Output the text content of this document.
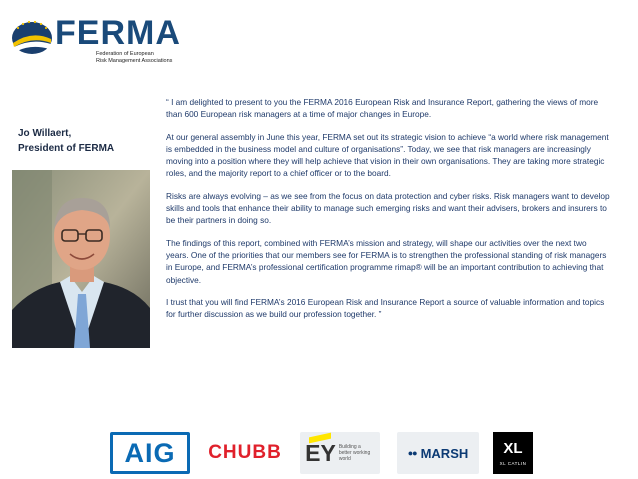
FERMA
Federation of European
Risk Management Associations
Jo Willaert,
President of FERMA

“ I am delighted to present to you the FERMA 2016 European Risk and Insurance Report, gathering the views of more than 600 European risk managers at a time of major changes in Europe.

At our general assembly in June this year, FERMA set out its strategic vision to achieve “a world where risk management is embedded in the business model and culture of organisations”. Today, we see that risk managers are increasingly moving into a position where they will help achieve that vision in their own organisations. They are taking more strategic roles, and the majority report to a chief officer or to the board.

Risks are always evolving – as we see from the focus on data protection and cyber risks. Risk managers want to develop skills and tools that enhance their ability to manage such emerging risks and want their advisers, brokers and insurers to be their partners in doing so.

The findings of this report, combined with FERMA’s mission and strategy, will shape our activities over the next two years. One of the priorities that our members see for FERMA is to strengthen the professional standing of risk managers in Europe, and FERMA’s professional certification programme rimap® will be an important contribution to achieving that objective.

I trust that you will find FERMA’s 2016 European Risk and Insurance Report a source of valuable information and topics for further discussion as we build our profession together. ”

AIG	CHUBB	EY Building a better working world
●● MARSH XL
XL CATLIN
